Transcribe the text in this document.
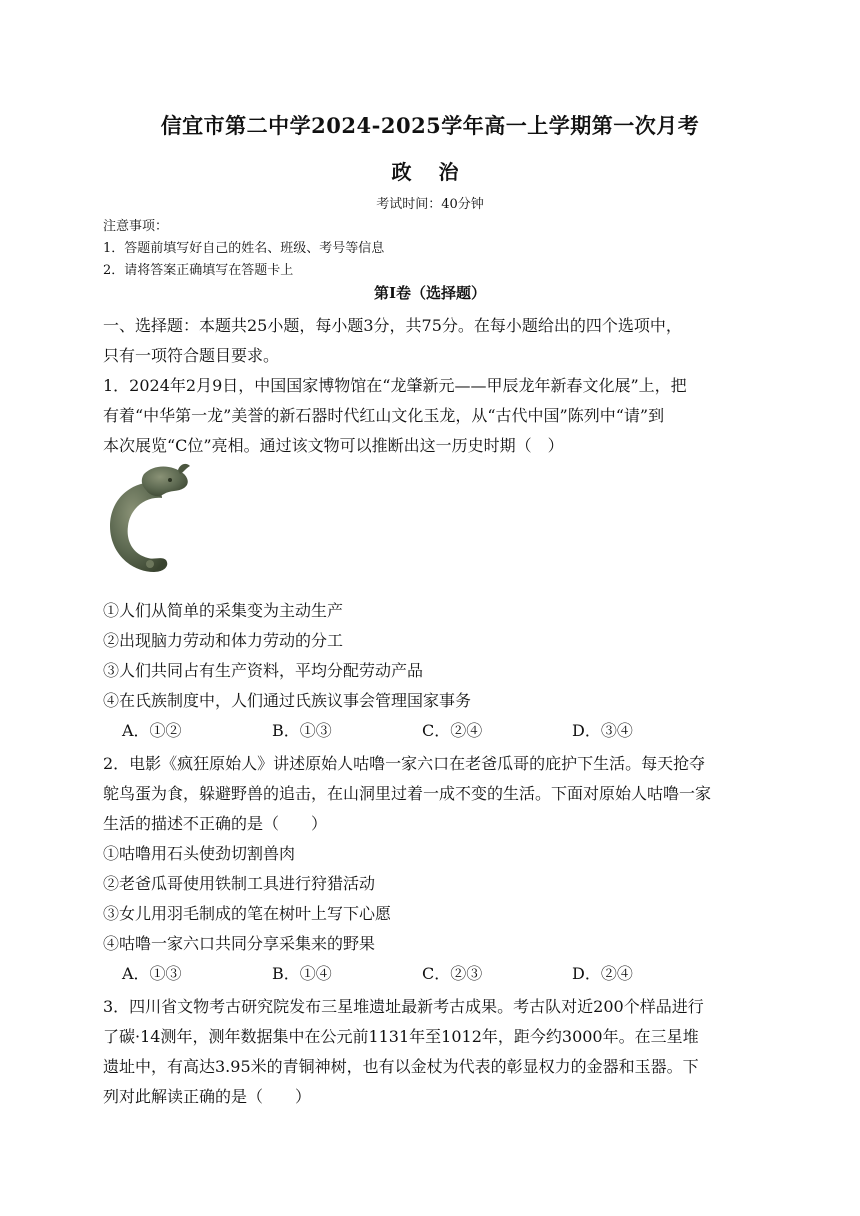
信宜市第二中学2024-2025学年高一上学期第一次月考
政 治
考试时间：40分钟
注意事项：
1．答题前填写好自己的姓名、班级、考号等信息
2．请将答案正确填写在答题卡上
第I卷（选择题）
一、选择题：本题共25小题，每小题3分，共75分。在每小题给出的四个选项中，
只有一项符合题目要求。
1．2024年2月9日，中国国家博物馆在“龙肇新元——甲辰龙年新春文化展”上，把
有着“中华第一龙”美誉的新石器时代红山文化玉龙，从“古代中国”陈列中“请”到
本次展览“C位”亮相。通过该文物可以推断出这一历史时期（　）
①人们从简单的采集变为主动生产
②出现脑力劳动和体力劳动的分工
③人们共同占有生产资料，平均分配劳动产品
④在氏族制度中，人们通过氏族议事会管理国家事务
A．①②	B．①③	C．②④	D．③④
2．电影《疯狂原始人》讲述原始人咕噜一家六口在老爸瓜哥的庇护下生活。每天抢夺
鸵鸟蛋为食，躲避野兽的追击，在山洞里过着一成不变的生活。下面对原始人咕噜一家
生活的描述不正确的是（　　）
①咕噜用石头使劲切割兽肉
②老爸瓜哥使用铁制工具进行狩猎活动
③女儿用羽毛制成的笔在树叶上写下心愿
④咕噜一家六口共同分享采集来的野果
A．①③	B．①④	C．②③	D．②④
3．四川省文物考古研究院发布三星堆遗址最新考古成果。考古队对近200个样品进行
了碳·14测年，测年数据集中在公元前1131年至1012年，距今约3000年。在三星堆
遗址中，有高达3.95米的青铜神树，也有以金杖为代表的彰显权力的金器和玉器。下
列对此解读正确的是（　　）
